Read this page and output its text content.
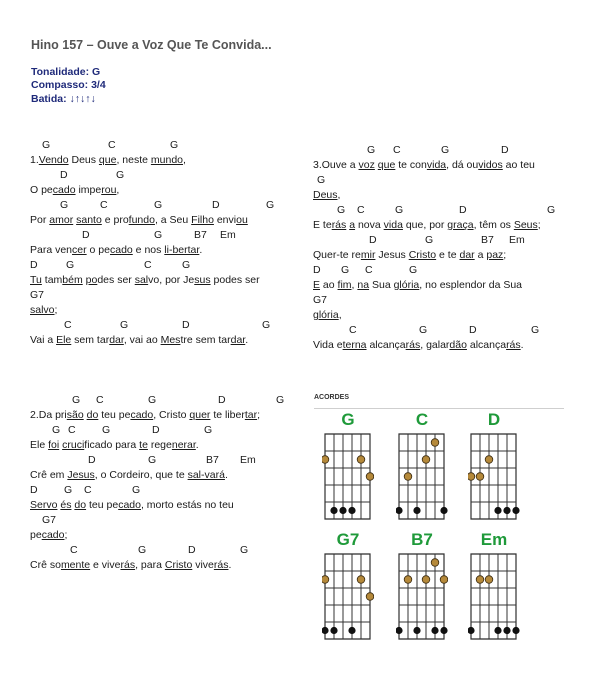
Hino 157 – Ouve a Voz Que Te Convida...
Tonalidade: G
Compasso: 3/4
Batida: ↓↑↓↑↓
G	C	G
1.Vendo Deus que, neste mundo,
D	G
O pecado imperou,
G	C	G	D	G
Por amor santo e profundo, a Seu Filho enviou
D	G	B7 Em
Para vencer o pecado e nos li-bertar.
D	G	C	G
Tu também podes ser salvo, por Jesus podes ser
G7
salvo;
C	G	D	G
Vai a Ele sem tardar, vai ao Mestre sem tardar.
G C	G	D	G
2.Da prisão do teu pecado, Cristo quer te libertar;
G C	G	D	G
Ele foi crucificado para te regenerar.
D	G	B7 Em
Crê em Jesus, o Cordeiro, que te sal-vará.
D	G C	G
Servo és do teu pecado, morto estás no teu
G7
pecado;
C	G	D	G
Crê somente e viverás, para Cristo viverás.
G C	G	D
3.Ouve a voz que te convida, dá ouvidos ao teu
G
Deus,
G C	G	D	G
E terás a nova vida que, por graça, têm os Seus;
D	G	B7 Em
Quer-te remir Jesus Cristo e te dar a paz;
D G C	G
E ao fim, na Sua glória, no esplendor da Sua
G7
glória,
C	G	D	G
Vida eterna alcançarás, galardão alcançarás.
ACORDES
G	C	D
G7	B7	Em
